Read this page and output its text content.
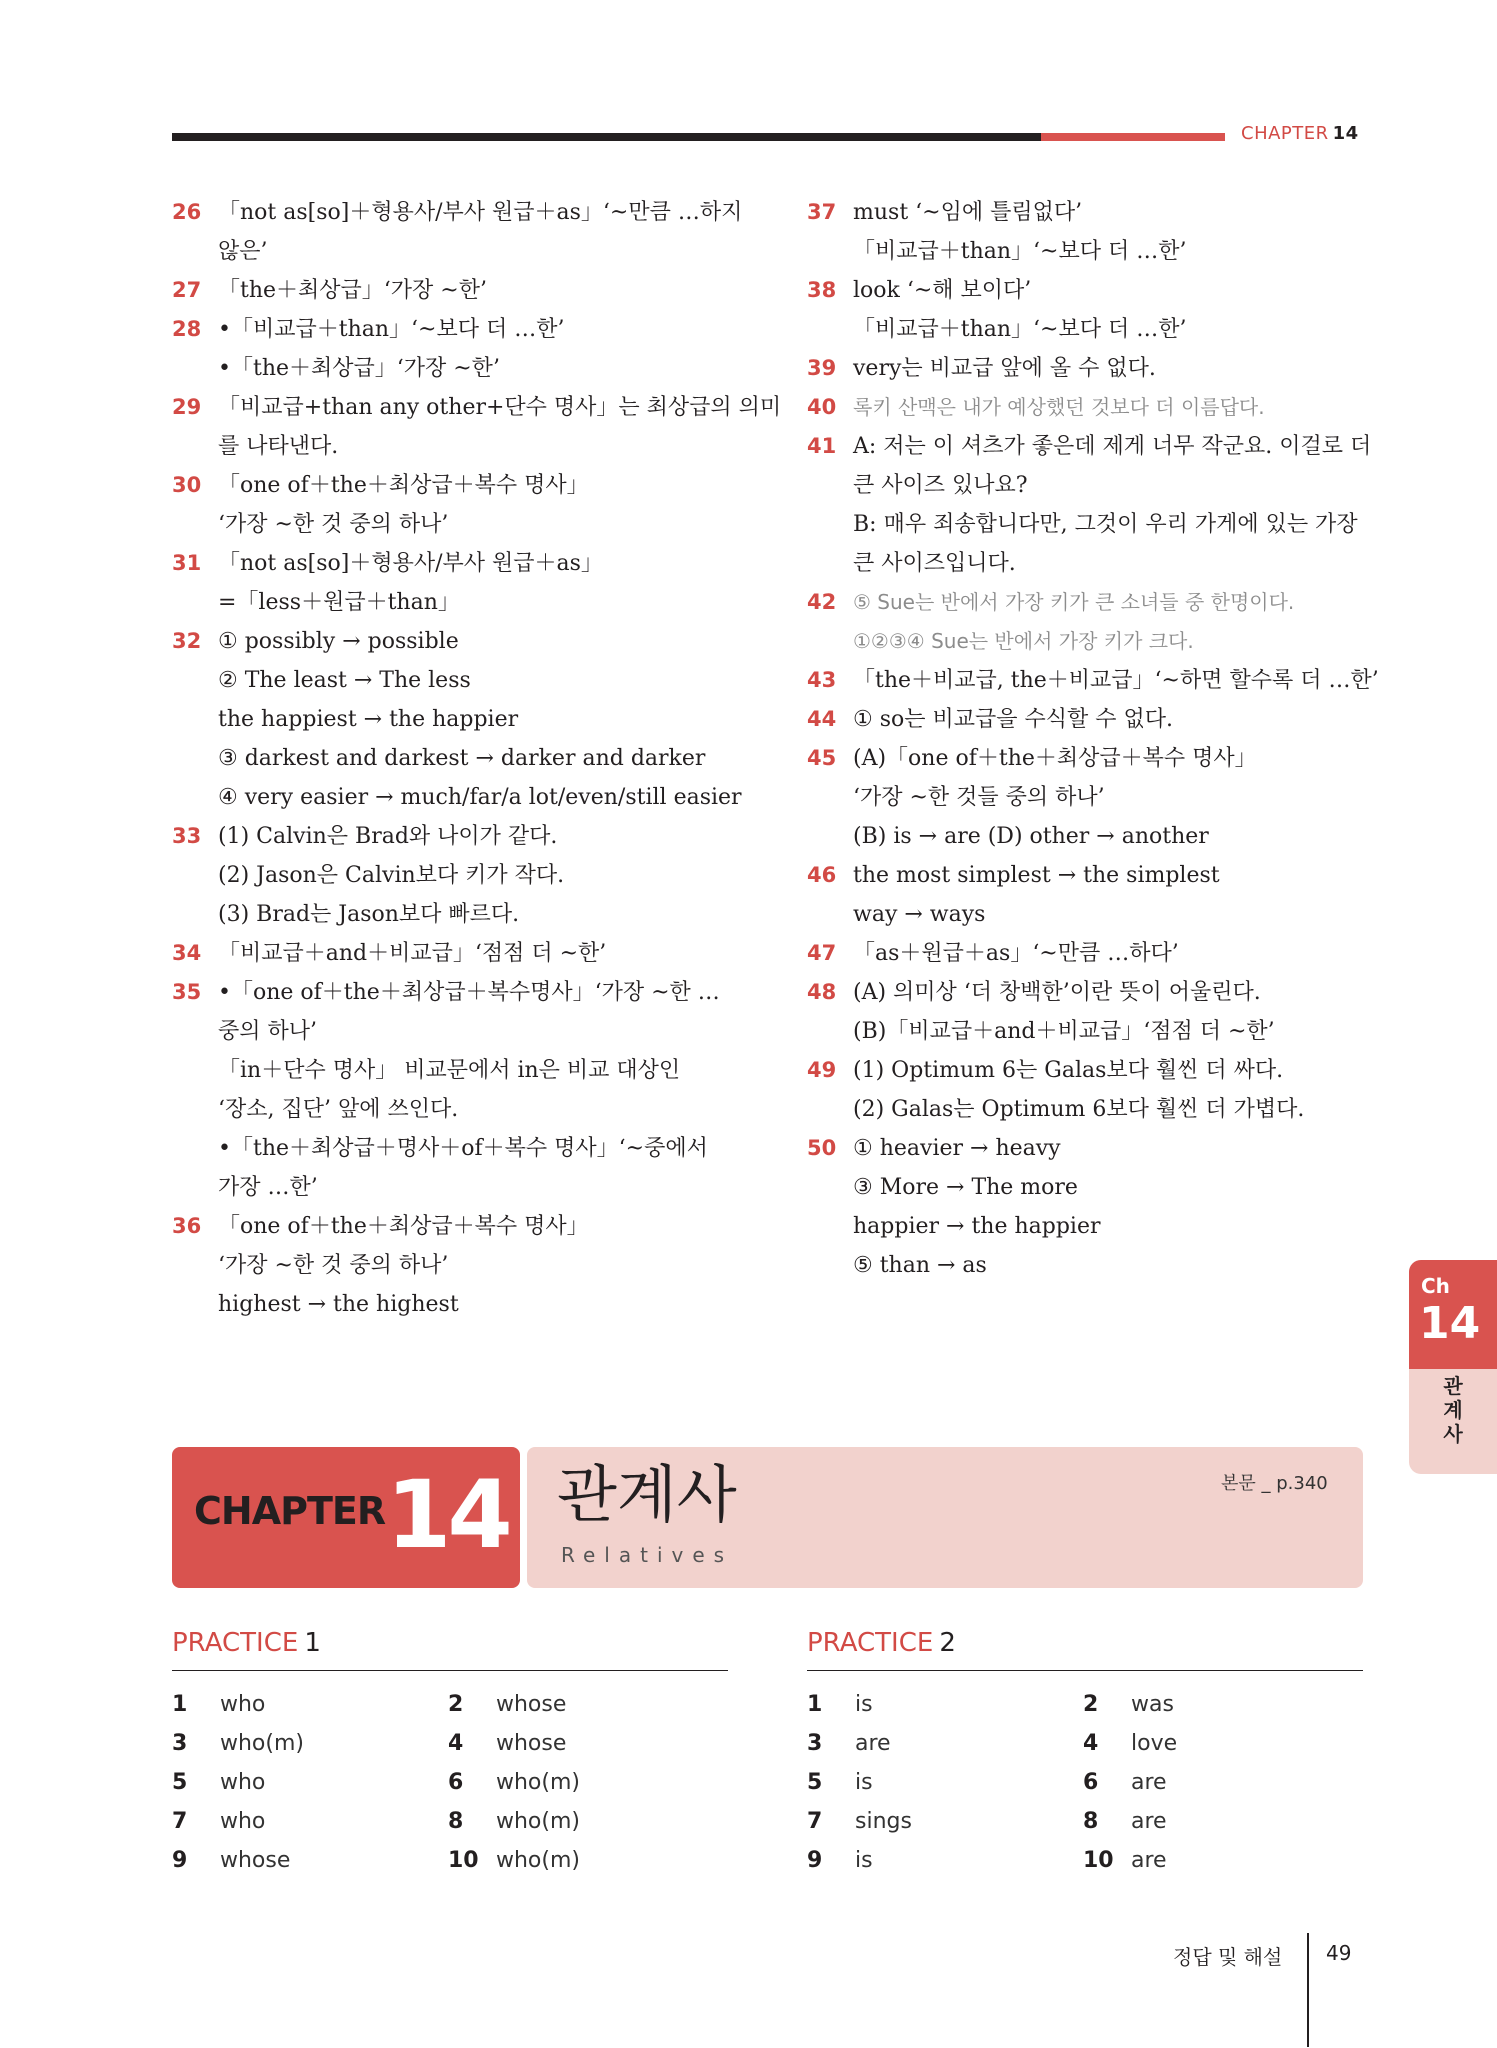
CHAPTER 14
26 「not as[so]＋형용사/부사 원급＋as」‘~만큼 …하지
않은’
27 「the＋최상급」‘가장 ~한’
28 •「비교급＋than」‘~보다 더 …한’
•「the＋최상급」‘가장 ~한’
29 「비교급+than any other+단수 명사」는 최상급의 의미
를 나타낸다.
30 「one of＋the＋최상급＋복수 명사」
‘가장 ~한 것 중의 하나’
31 「not as[so]＋형용사/부사 원급＋as」
=「less＋원급＋than」
32 ① possibly → possible
② The least → The less
the happiest → the happier
③ darkest and darkest → darker and darker
④ very easier → much/far/a lot/even/still easier
33 (1) Calvin은 Brad와 나이가 같다.
(2) Jason은 Calvin보다 키가 작다.
(3) Brad는 Jason보다 빠르다.
34 「비교급＋and＋비교급」‘점점 더 ~한’
35 •「one of＋the＋최상급＋복수명사」‘가장 ~한 …
중의 하나’
「in＋단수 명사」 비교문에서 in은 비교 대상인
‘장소, 집단’ 앞에 쓰인다.
•「the＋최상급＋명사＋of＋복수 명사」‘~중에서
가장 …한’
36 「one of＋the＋최상급＋복수 명사」
‘가장 ~한 것 중의 하나’
highest → the highest
37 must ‘~임에 틀림없다’
「비교급＋than」‘~보다 더 …한’
38 look ‘~해 보이다’
「비교급＋than」‘~보다 더 …한’
39 very는 비교급 앞에 올 수 없다.
40 록키 산맥은 내가 예상했던 것보다 더 이름답다.
41 A: 저는 이 셔츠가 좋은데 제게 너무 작군요. 이걸로 더
큰 사이즈 있나요?
B: 매우 죄송합니다만, 그것이 우리 가게에 있는 가장
큰 사이즈입니다.
42 ⑤ Sue는 반에서 가장 키가 큰 소녀들 중 한명이다.
①②③④ Sue는 반에서 가장 키가 크다.
43 「the＋비교급, the＋비교급」‘~하면 할수록 더 …한’
44 ① so는 비교급을 수식할 수 없다.
45 (A)「one of＋the＋최상급＋복수 명사」
‘가장 ~한 것들 중의 하나’
(B) is → are (D) other → another
46 the most simplest → the simplest
way → ways
47 「as＋원급＋as」‘~만큼 …하다’
48 (A) 의미상 ‘더 창백한’이란 뜻이 어울린다.
(B)「비교급＋and＋비교급」‘점점 더 ~한’
49 (1) Optimum 6는 Galas보다 훨씬 더 싸다.
(2) Galas는 Optimum 6보다 훨씬 더 가볍다.
50 ① heavier → heavy
③ More → The more
happier → the happier
⑤ than → as
Ch
14
관계사
CHAPTER 14 관계사
Relatives
본문 _ p.340
PRACTICE 1
1 who	2 whose
3 who(m)	4 whose
5 who	6 who(m)
7 who	8 who(m)
9 whose	10 who(m)
PRACTICE 2
1 is	2 was
3 are	4 love
5 is	6 are
7 sings	8 are
9 is	10 are
정답 및 해설 49
